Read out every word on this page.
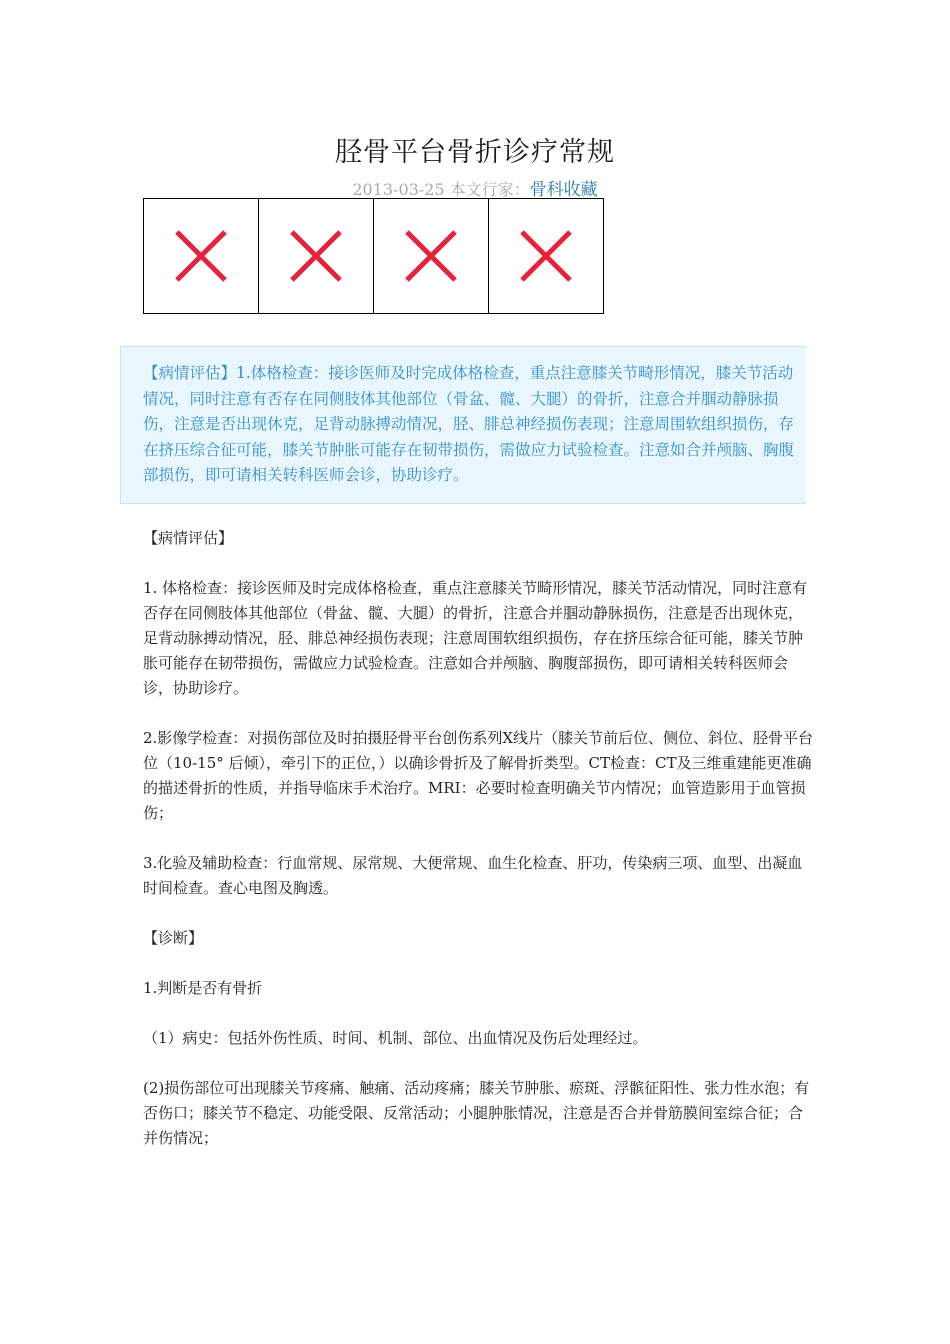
胫骨平台骨折诊疗常规
2013-03-25 本文行家：骨科收藏
【病情评估】1.体格检查：接诊医师及时完成体格检查，重点注意膝关节畸形情况，膝关节活动情况，同时注意有否存在同侧肢体其他部位（骨盆、髋、大腿）的骨折，注意合并腘动静脉损伤，注意是否出现休克，足背动脉搏动情况，胫、腓总神经损伤表现；注意周围软组织损伤，存在挤压综合征可能，膝关节肿胀可能存在韧带损伤，需做应力试验检查。注意如合并颅脑、胸腹部损伤，即可请相关转科医师会诊，协助诊疗。

【病情评估】

1. 体格检查：接诊医师及时完成体格检查，重点注意膝关节畸形情况，膝关节活动情况，同时注意有否存在同侧肢体其他部位（骨盆、髋、大腿）的骨折，注意合并腘动静脉损伤，注意是否出现休克，足背动脉搏动情况，胫、腓总神经损伤表现；注意周围软组织损伤，存在挤压综合征可能，膝关节肿胀可能存在韧带损伤，需做应力试验检查。注意如合并颅脑、胸腹部损伤，即可请相关转科医师会诊，协助诊疗。

2.影像学检查：对损伤部位及时拍摄胫骨平台创伤系列X线片（膝关节前后位、侧位、斜位、胫骨平台位（10-15° 后倾），牵引下的正位，）以确诊骨折及了解骨折类型。CT检查：CT及三维重建能更准确的描述骨折的性质，并指导临床手术治疗。MRI：必要时检查明确关节内情况；血管造影用于血管损伤；

3.化验及辅助检查：行血常规、尿常规、大便常规、血生化检查、肝功，传染病三项、血型、出凝血时间检查。查心电图及胸透。

【诊断】

1.判断是否有骨折

（1）病史：包括外伤性质、时间、机制、部位、出血情况及伤后处理经过。

(2)损伤部位可出现膝关节疼痛、触痛、活动疼痛；膝关节肿胀、瘀斑、浮髌征阳性、张力性水泡；有否伤口；膝关节不稳定、功能受限、反常活动；小腿肿胀情况，注意是否合并骨筋膜间室综合征；合并伤情况；
